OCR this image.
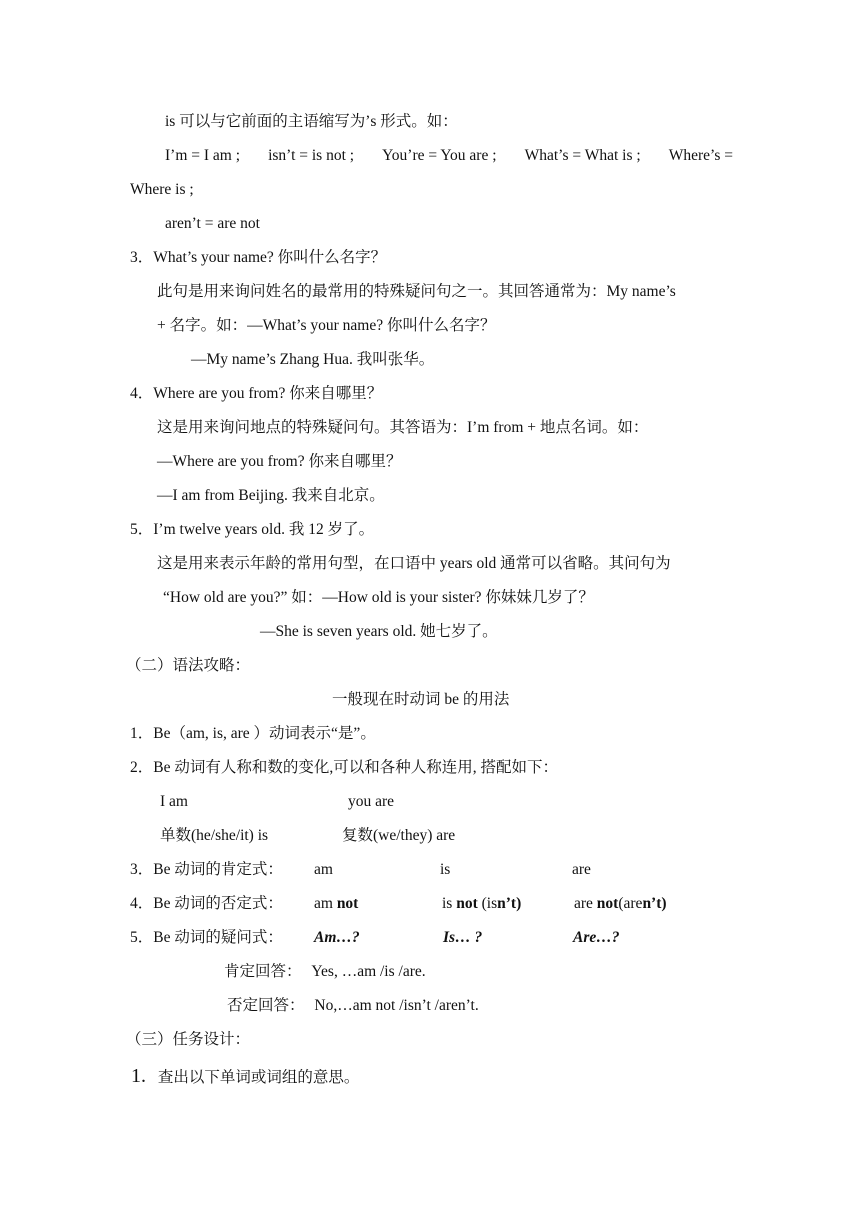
is 可以与它前面的主语缩写为’s 形式。如：
I’m = I am ; isn’t = is not ; You’re = You are ; What’s = What is ; Where’s =
Where is ;
aren’t = are not
3．What’s your name? 你叫什么名字？
此句是用来询问姓名的最常用的特殊疑问句之一。其回答通常为：My name’s
+ 名字。如：—What’s your name? 你叫什么名字？
—My name’s Zhang Hua. 我叫张华。
4．Where are you from? 你来自哪里？
这是用来询问地点的特殊疑问句。其答语为：I’m from + 地点名词。如：
—Where are you from? 你来自哪里？
—I am from Beijing. 我来自北京。
5．I’m twelve years old. 我 12 岁了。
这是用来表示年龄的常用句型，在口语中 years old 通常可以省略。其问句为
“How old are you?” 如：—How old is your sister? 你妹妹几岁了？
—She is seven years old. 她七岁了。
（二）语法攻略：
一般现在时动词 be 的用法
1．Be（am, is, are ）动词表示“是”。
2．Be 动词有人称和数的变化,可以和各种人称连用, 搭配如下：
I am	you are
单数(he/she/it) is	复数(we/they) are
3．Be 动词的肯定式： am	is	are
4．Be 动词的否定式： am not	is not (isn’t)	are not(aren’t)
5．Be 动词的疑问式： Am…?	Is… ?	Are…?
肯定回答： Yes, …am /is /are.
否定回答： No,…am not /isn’t /aren’t.
（三）任务设计：
1. 查出以下单词或词组的意思。
